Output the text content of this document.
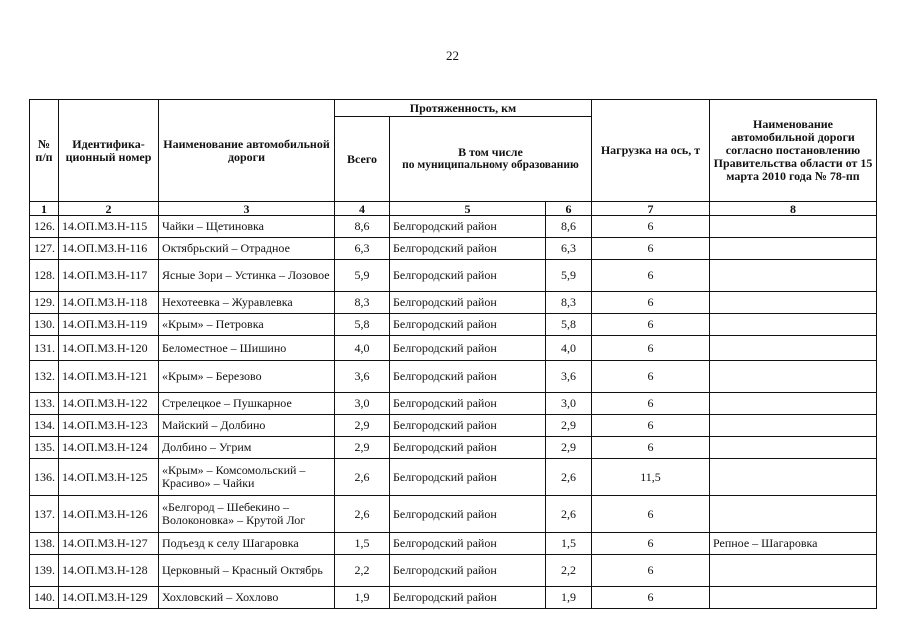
22
№ п/п	Идентифика-ционный номер	Наименование автомобильной дороги	Протяженность, км			Нагрузка на ось, т	Наименование автомобильной дороги согласно постановлению Правительства области от 15 марта 2010 года № 78-пп
			Всего	В том числе
по муниципальному образованию			

1	2	3	4	5	6	7	8
126.	14.ОП.МЗ.Н-115	Чайки – Щетиновка	8,6	Белгородский район	8,6	6	
127.	14.ОП.МЗ.Н-116	Октябрьский – Отрадное	6,3	Белгородский район	6,3	6	
128.	14.ОП.МЗ.Н-117	Ясные Зори – Устинка – Лозовое	5,9	Белгородский район	5,9	6	
129.	14.ОП.МЗ.Н-118	Нехотеевка – Журавлевка	8,3	Белгородский район	8,3	6	
130.	14.ОП.МЗ.Н-119	«Крым» – Петровка	5,8	Белгородский район	5,8	6	
131.	14.ОП.МЗ.Н-120	Беломестное – Шишино	4,0	Белгородский район	4,0	6	
132.	14.ОП.МЗ.Н-121	«Крым» – Березово	3,6	Белгородский район	3,6	6	
133.	14.ОП.МЗ.Н-122	Стрелецкое – Пушкарное	3,0	Белгородский район	3,0	6	
134.	14.ОП.МЗ.Н-123	Майский – Долбино	2,9	Белгородский район	2,9	6	
135.	14.ОП.МЗ.Н-124	Долбино – Угрим	2,9	Белгородский район	2,9	6	
136.	14.ОП.МЗ.Н-125	«Крым» – Комсомольский – Красиво» – Чайки	2,6	Белгородский район	2,6	11,5	
137.	14.ОП.МЗ.Н-126	«Белгород – Шебекино – Волоконовка» – Крутой Лог	2,6	Белгородский район	2,6	6	
138.	14.ОП.МЗ.Н-127	Подъезд к селу Шагаровка	1,5	Белгородский район	1,5	6	Репное – Шагаровка
139.	14.ОП.МЗ.Н-128	Церковный – Красный Октябрь	2,2	Белгородский район	2,2	6	
140.	14.ОП.МЗ.Н-129	Хохловский – Хохлово	1,9	Белгородский район	1,9	6	
